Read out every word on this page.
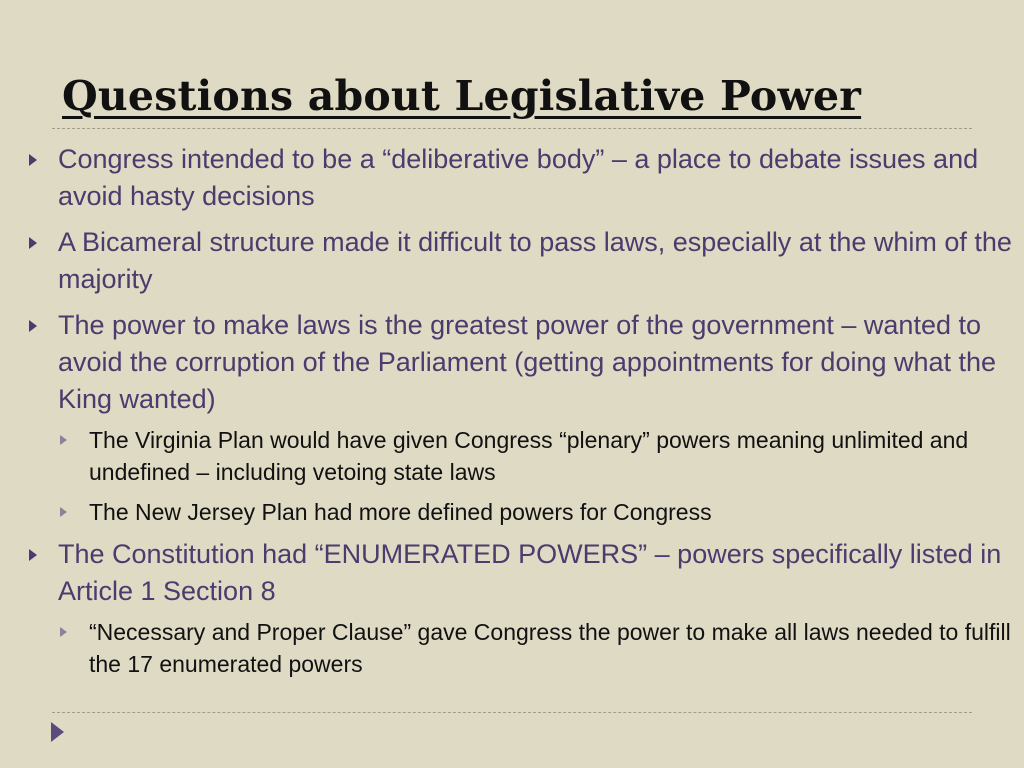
Questions about Legislative Power
Congress intended to be a “deliberative body” – a place to debate issues and avoid hasty decisions
A Bicameral structure made it difficult to pass laws, especially at the whim of the majority
The power to make laws is the greatest power of the government – wanted to avoid the corruption of the Parliament (getting appointments for doing what the King wanted)
The Virginia Plan would have given Congress “plenary” powers meaning unlimited and undefined – including vetoing state laws
The New Jersey Plan had more defined powers for Congress
The Constitution had “ENUMERATED POWERS” – powers specifically listed in Article 1 Section 8
“Necessary and Proper Clause” gave Congress the power to make all laws needed to fulfill the 17 enumerated powers
